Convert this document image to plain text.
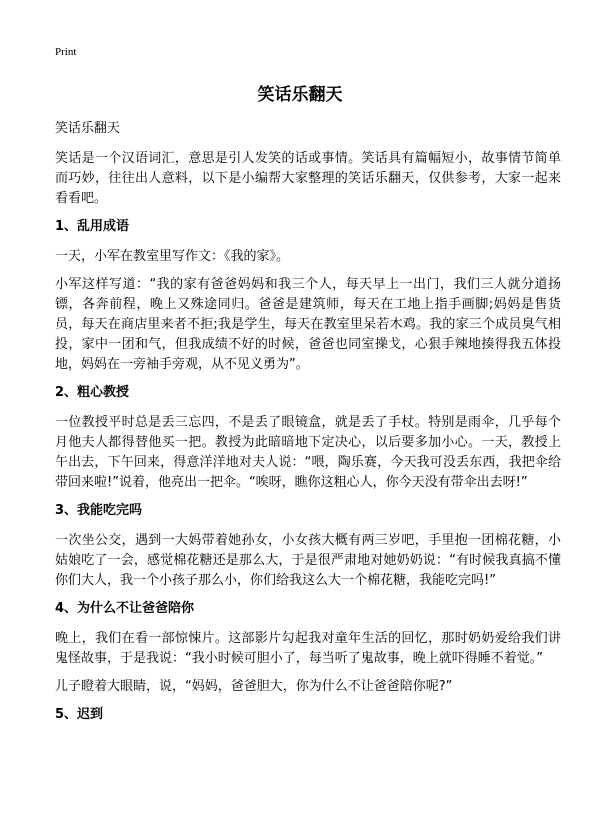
Print
笑话乐翻天

笑话乐翻天

笑话是一个汉语词汇，意思是引人发笑的话或事情。笑话具有篇幅短小，故事情节简单而巧妙，往往出人意料，以下是小编帮大家整理的笑话乐翻天，仅供参考，大家一起来看看吧。

1、乱用成语

一天，小军在教室里写作文：《我的家》。

小军这样写道：“我的家有爸爸妈妈和我三个人，每天早上一出门，我们三人就分道扬镖，各奔前程，晚上又殊途同归。爸爸是建筑师，每天在工地上指手画脚;妈妈是售货员，每天在商店里来者不拒;我是学生，每天在教室里呆若木鸡。我的家三个成员臭气相投，家中一团和气，但我成绩不好的时候，爸爸也同室操戈，心狠手辣地揍得我五体投地，妈妈在一旁袖手旁观，从不见义勇为”。

2、粗心教授

一位教授平时总是丢三忘四，不是丢了眼镜盒，就是丢了手杖。特别是雨伞，几乎每个月他夫人都得替他买一把。教授为此暗暗地下定决心，以后要多加小心。一天，教授上午出去，下午回来，得意洋洋地对夫人说：“喂，陶乐赛，今天我可没丢东西，我把伞给带回来啦!”说着，他亮出一把伞。“唉呀，瞧你这粗心人，你今天没有带伞出去呀!”

3、我能吃完吗

一次坐公交，遇到一大妈带着她孙女，小女孩大概有两三岁吧，手里抱一团棉花糖，小姑娘吃了一会，感觉棉花糖还是那么大，于是很严肃地对她奶奶说：“有时候我真搞不懂你们大人，我一个小孩子那么小，你们给我这么大一个棉花糖，我能吃完吗!”

4、为什么不让爸爸陪你

晚上，我们在看一部惊悚片。这部影片勾起我对童年生活的回忆，那时奶奶爱给我们讲鬼怪故事，于是我说：“我小时候可胆小了，每当听了鬼故事，晚上就吓得睡不着觉。”

儿子瞪着大眼睛，说，“妈妈，爸爸胆大，你为什么不让爸爸陪你呢?”

5、迟到
